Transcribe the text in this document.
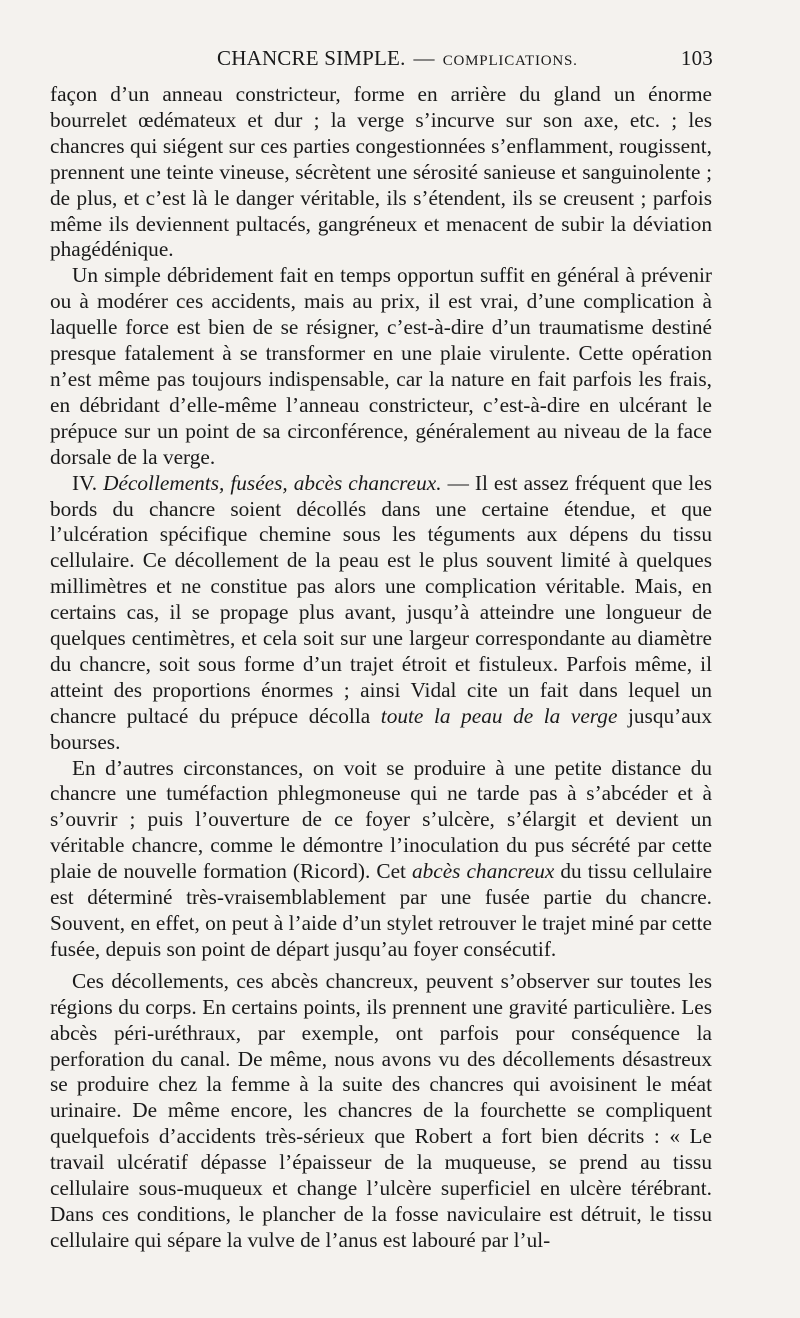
CHANCRE SIMPLE. — COMPLICATIONS.	103

façon d’un anneau constricteur, forme en arrière du gland un énorme bourrelet œdémateux et dur ; la verge s’incurve sur son axe, etc. ; les chancres qui siégent sur ces parties congestionnées s’enflamment, rougissent, prennent une teinte vineuse, sécrètent une sérosité sanieuse et sanguinolente ; de plus, et c’est là le danger véritable, ils s’étendent, ils se creusent ; parfois même ils deviennent pultacés, gangréneux et menacent de subir la déviation phagédénique.

Un simple débridement fait en temps opportun suffit en général à prévenir ou à modérer ces accidents, mais au prix, il est vrai, d’une complication à laquelle force est bien de se résigner, c’est-à-dire d’un traumatisme destiné presque fatalement à se transformer en une plaie virulente. Cette opération n’est même pas toujours indispensable, car la nature en fait parfois les frais, en débridant d’elle-même l’anneau constricteur, c’est-à-dire en ulcérant le prépuce sur un point de sa circonférence, généralement au niveau de la face dorsale de la verge.

IV. Décollements, fusées, abcès chancreux. — Il est assez fréquent que les bords du chancre soient décollés dans une certaine étendue, et que l’ulcération spécifique chemine sous les téguments aux dépens du tissu cellulaire. Ce décollement de la peau est le plus souvent limité à quelques millimètres et ne constitue pas alors une complication véritable. Mais, en certains cas, il se propage plus avant, jusqu’à atteindre une longueur de quelques centimètres, et cela soit sur une largeur correspondante au diamètre du chancre, soit sous forme d’un trajet étroit et fistuleux. Parfois même, il atteint des proportions énormes ; ainsi Vidal cite un fait dans lequel un chancre pultacé du prépuce décolla toute la peau de la verge jusqu’aux bourses.

En d’autres circonstances, on voit se produire à une petite distance du chancre une tuméfaction phlegmoneuse qui ne tarde pas à s’abcéder et à s’ouvrir ; puis l’ouverture de ce foyer s’ulcère, s’élargit et devient un véritable chancre, comme le démontre l’inoculation du pus sécrété par cette plaie de nouvelle formation (Ricord). Cet abcès chancreux du tissu cellulaire est déterminé très-vraisemblablement par une fusée partie du chancre. Souvent, en effet, on peut à l’aide d’un stylet retrouver le trajet miné par cette fusée, depuis son point de départ jusqu’au foyer consécutif.

Ces décollements, ces abcès chancreux, peuvent s’observer sur toutes les régions du corps. En certains points, ils prennent une gravité particulière. Les abcès péri-uréthraux, par exemple, ont parfois pour conséquence la perforation du canal. De même, nous avons vu des décollements désastreux se produire chez la femme à la suite des chancres qui avoisinent le méat urinaire. De même encore, les chancres de la fourchette se compliquent quelquefois d’accidents très-sérieux que Robert a fort bien décrits : « Le travail ulcératif dépasse l’épaisseur de la muqueuse, se prend au tissu cellulaire sous-muqueux et change l’ulcère superficiel en ulcère térébrant. Dans ces conditions, le plancher de la fosse naviculaire est détruit, le tissu cellulaire qui sépare la vulve de l’anus est labouré par l’ul-
